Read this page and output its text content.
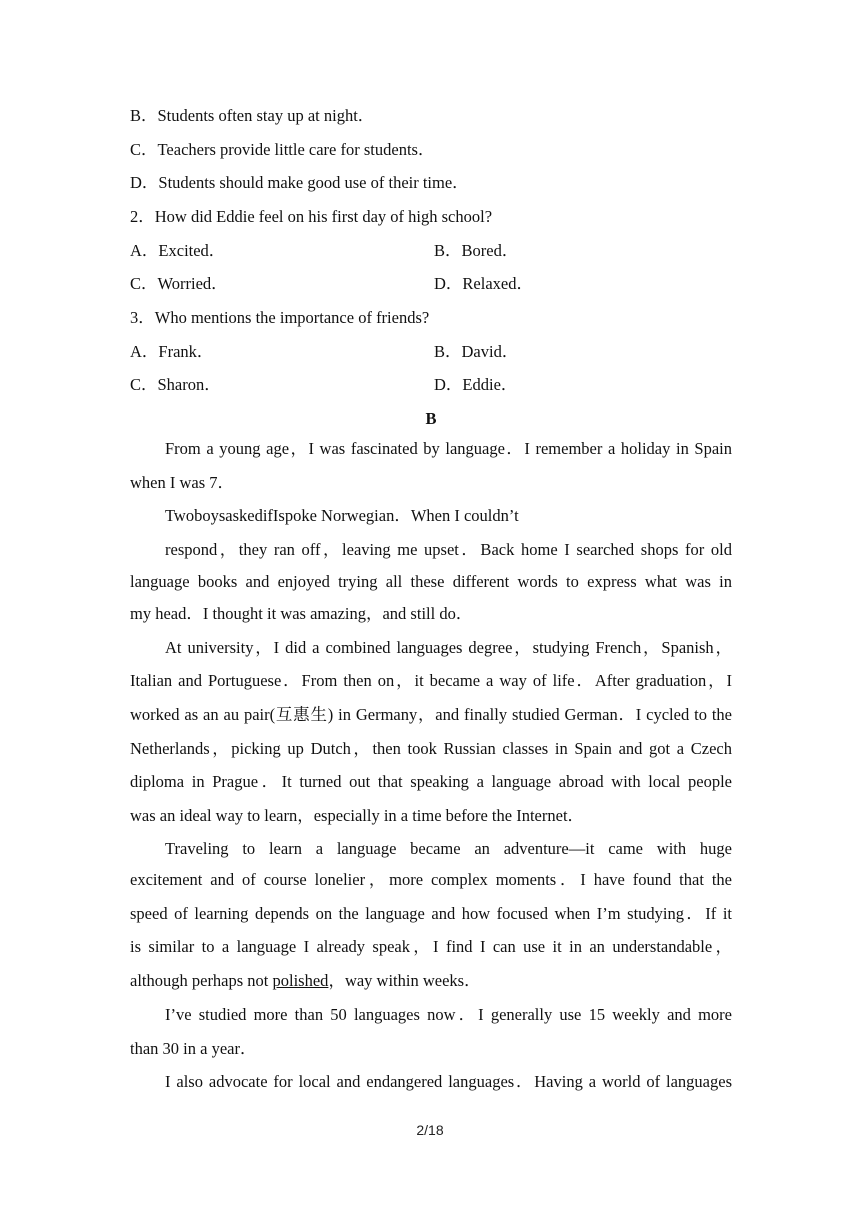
B．Students often stay up at night．
C．Teachers provide little care for students．
D．Students should make good use of their time．
2．How did Eddie feel on his first day of high school?
A．Excited．	B．Bored．
C．Worried．	D．Relaxed．
3．Who mentions the importance of friends?
A．Frank．	B．David．
C．Sharon．	D．Eddie．
B
From a young age，I was fascinated by language．I remember a holiday in Spain
when I was 7．
TwoboysaskedifIspoke Norwegian．When I couldn’t
respond，they ran off，leaving me upset．Back home I searched shops for old
language books and enjoyed trying all these different words to express what was in
my head．I thought it was amazing，and still do．
At university，I did a combined languages degree，studying French，Spanish，
Italian and Portuguese．From then on，it became a way of life．After graduation，I
worked as an au pair(互惠生) in Germany，and finally studied German．I cycled to the
Netherlands，picking up Dutch，then took Russian classes in Spain and got a Czech
diploma in Prague．It turned out that speaking a language abroad with local people
was an ideal way to learn，especially in a time before the Internet．
Traveling to learn a language became an adventure—it came with huge
excitement and of course lonelier，more complex moments．I have found that the
speed of learning depends on the language and how focused when I’m studying．If it
is similar to a language I already speak，I find I can use it in an understandable，
although perhaps not polished，way within weeks．
I’ve studied more than 50 languages now．I generally use 15 weekly and more
than 30 in a year．
I also advocate for local and endangered languages．Having a world of languages
2/18
